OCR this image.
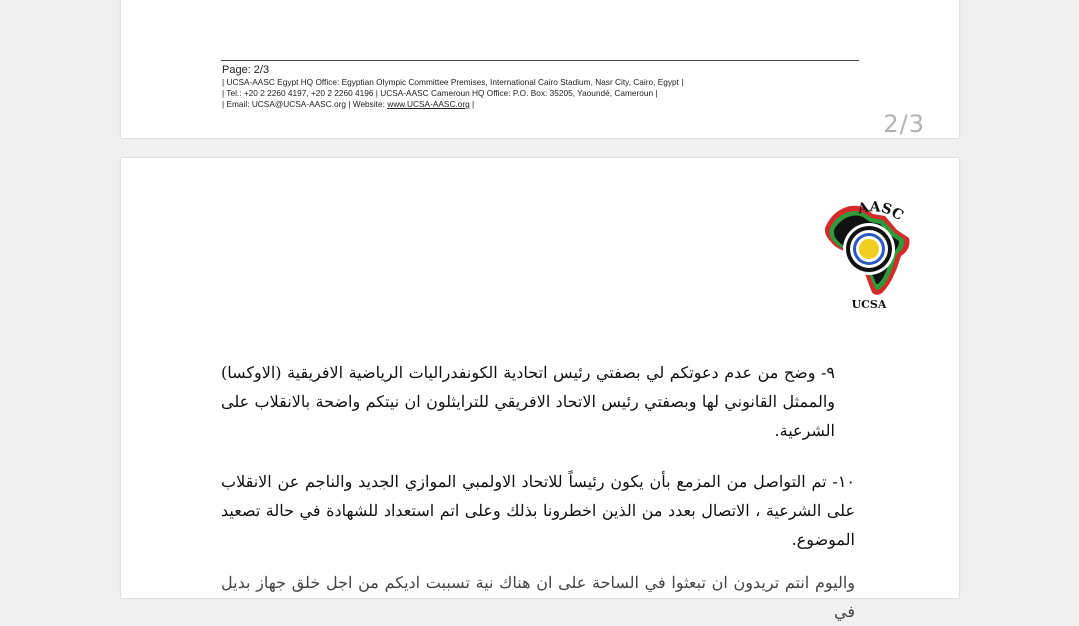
Page: 2/3
| UCSA-AASC Egypt HQ Office: Egyptian Olympic Committee Premises, International Cairo Stadium, Nasr City, Cairo, Egypt |
| Tel.: +20 2 2260 4197, +20 2 2260 4196 | UCSA-AASC Cameroun HQ Office: P.O. Box: 35205, Yaoundé, Cameroun |
| Email: UCSA@UCSA-AASC.org | Website: www.UCSA-AASC.org |
2/3
AASC
UCSA

٩- وضح من عدم دعوتكم لي بصفتي رئيس اتحادية الكونفدراليات الرياضية الافريقية (الاوكسا) والممثل القانوني لها وبصفتي رئيس الاتحاد الافريقي للترايثلون ان نيتكم واضحة بالانقلاب على الشرعية.

١٠- تم التواصل من المزمع بأن يكون رئيساً للاتحاد الاولمبي الموازي الجديد والناجم عن الانقلاب على الشرعية ، الاتصال بعدد من الذين اخطرونا بذلك وعلى اتم استعداد للشهادة في حالة تصعيد الموضوع.

واليوم انتم تريدون ان تبعثوا في الساحة على ان هناك نية تسببت اديكم من اجل خلق جهاز بديل في
